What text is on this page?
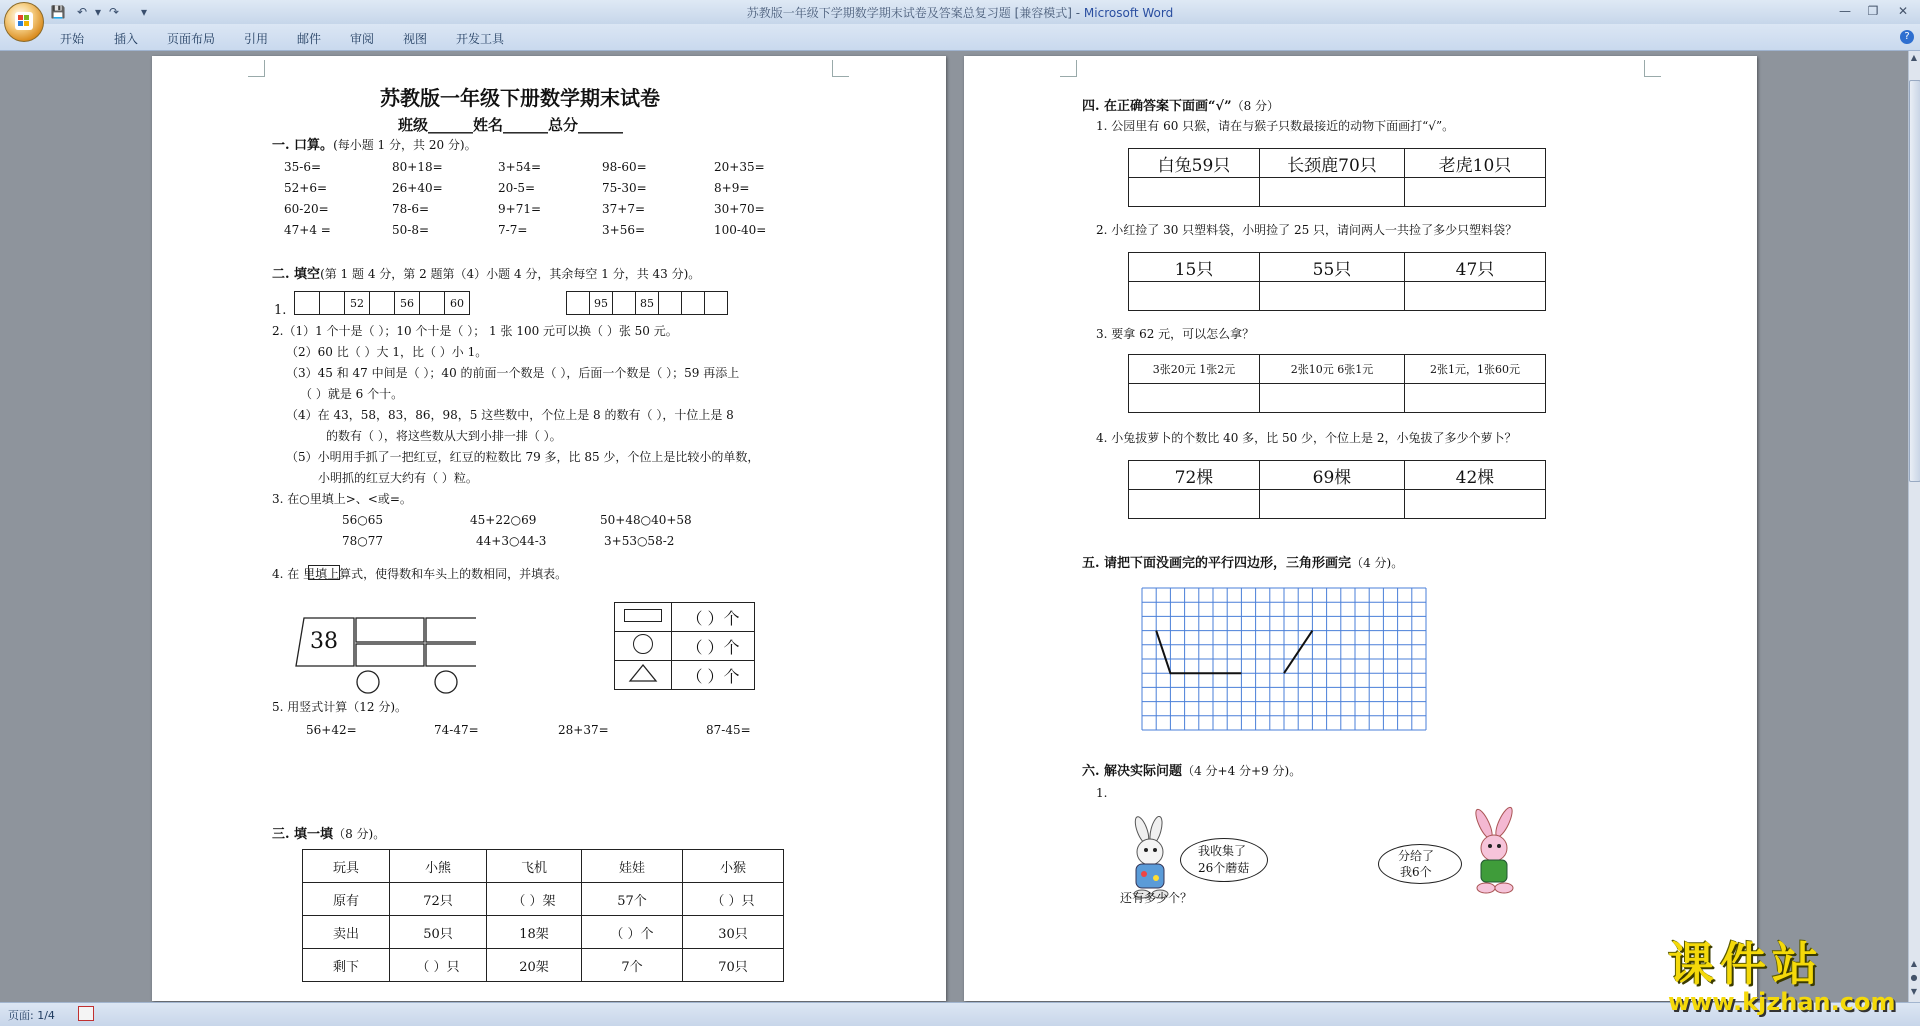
💾 ↶ ▾ ↷	▾	苏教版一年级下学期数学期末试卷及答案总复习题 [兼容模式] - Microsoft Word	—	❐	✕
开始 插入 页面布局 引用 邮件 审阅 视图 开发工具	?
苏教版一年级下册数学期末试卷
班级______姓名______总分______
一. 口算。(每小题 1 分，共 20 分)。
35-6=	80+18=	3+54=	98-60=	20+35=
52+6=	26+40=	20-5=	75-30=	8+9=
60-20=	78-6=	9+71=	37+7=	30+70=
47+4 =	50-8=	7-7=	3+56=	100-40=
二. 填空(第 1 题 4 分，第 2 题第（4）小题 4 分，其余每空 1 分，共 43 分)。
1.
			52		56		60
		95		85			
2.（1）1 个十是（ ）；10 个十是（ ）； 1 张 100 元可以换（ ）张 50 元。
（2）60 比（ ）大 1，比（ ）小 1。
（3）45 和 47 中间是（ ）；40 的前面一个数是（ ），后面一个数是（ ）；59 再添上
（ ）就是 6 个十。
（4）在 43，58，83，86，98，5 这些数中，个位上是 8 的数有（ ），十位上是 8
的数有（ ），将这些数从大到小排一排（ ）。
（5）小明用手抓了一把红豆，红豆的粒数比 79 多，比 85 少，个位上是比较小的单数，
小明抓的红豆大约有（ ）粒。
3. 在○里填上>、<或=。
56○65	45+22○69	50+48○40+58
78○77	44+3○44-3	3+53○58-2
4. 在 里填上算式，使得数和车头上的数相同，并填表。
38
	（ ）个
	（ ）个
	（ ）个
5. 用竖式计算（12 分)。
56+42=	74-47=	28+37=	87-45=
三. 填一填（8 分)。
玩具	小熊	飞机	娃娃	小猴
原有	72只	（ ）架	57个	（ ）只
卖出	50只	18架	（ ）个	30只
剩下	（ ）只	20架	7个	70只
四. 在正确答案下面画“√”（8 分）
1. 公园里有 60 只猴，请在与猴子只数最接近的动物下面画打“√”。
白兔59只	长颈鹿70只	老虎10只

2. 小红捡了 30 只塑料袋，小明捡了 25 只，请问两人一共捡了多少只塑料袋？
15只	55只	47只

3. 要拿 62 元，可以怎么拿？
3张20元 1张2元	2张10元 6张1元	2张1元，1张60元

4. 小兔拔萝卜的个数比 40 多，比 50 少，个位上是 2，小兔拔了多少个萝卜？
72棵	69棵	42棵

五. 请把下面没画完的平行四边形，三角形画完（4 分)。
六. 解决实际问题（4 分+4 分+9 分)。
1.
我收集了
26个蘑菇
分给了
我6个
还有多少个？
▲
▲
●
▼
页面: 1/4
课件站
www.kjzhan.com
